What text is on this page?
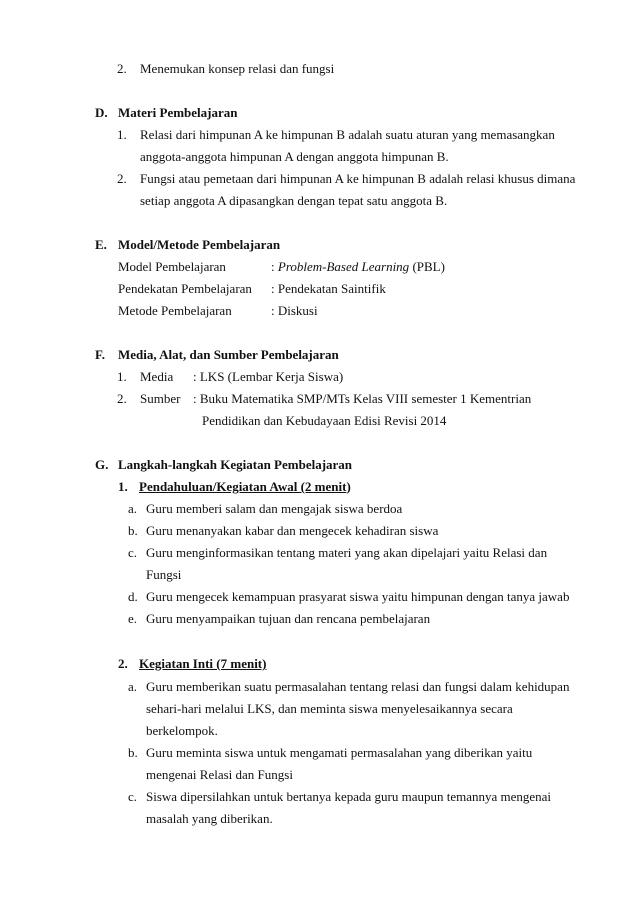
2. Menemukan konsep relasi dan fungsi
D. Materi Pembelajaran
1. Relasi dari himpunan A ke himpunan B adalah suatu aturan yang memasangkan
anggota-anggota himpunan A dengan anggota himpunan B.
2. Fungsi atau pemetaan dari himpunan A ke himpunan B adalah relasi khusus dimana
setiap anggota A dipasangkan dengan tepat satu anggota B.
E. Model/Metode Pembelajaran
Model Pembelajaran	: Problem-Based Learning (PBL)
Pendekatan Pembelajaran : Pendekatan Saintifik
Metode Pembelajaran	: Diskusi
F. Media, Alat, dan Sumber Pembelajaran
1. Media : LKS (Lembar Kerja Siswa)
2. Sumber : Buku Matematika SMP/MTs Kelas VIII semester 1 Kementrian
Pendidikan dan Kebudayaan Edisi Revisi 2014
G. Langkah-langkah Kegiatan Pembelajaran
1. Pendahuluan/Kegiatan Awal (2 menit)
a. Guru memberi salam dan mengajak siswa berdoa
b. Guru menanyakan kabar dan mengecek kehadiran siswa
c. Guru menginformasikan tentang materi yang akan dipelajari yaitu Relasi dan
Fungsi
d. Guru mengecek kemampuan prasyarat siswa yaitu himpunan dengan tanya jawab
e. Guru menyampaikan tujuan dan rencana pembelajaran
2. Kegiatan Inti (7 menit)
a. Guru memberikan suatu permasalahan tentang relasi dan fungsi dalam kehidupan
sehari-hari melalui LKS, dan meminta siswa menyelesaikannya secara
berkelompok.
b. Guru meminta siswa untuk mengamati permasalahan yang diberikan yaitu
mengenai Relasi dan Fungsi
c. Siswa dipersilahkan untuk bertanya kepada guru maupun temannya mengenai
masalah yang diberikan.
